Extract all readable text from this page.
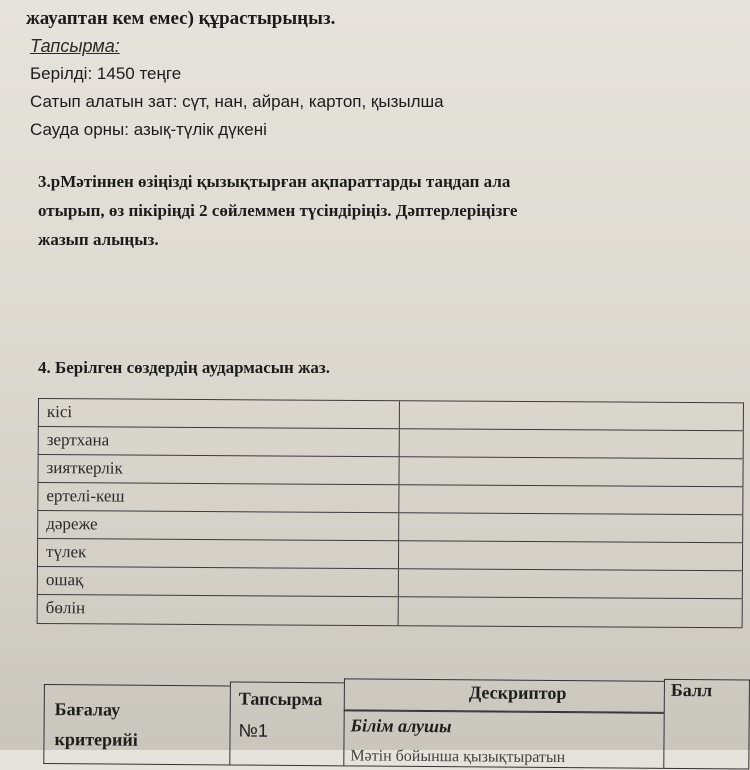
жауаптан кем емес) құрастырыңыз.
Тапсырма:
Берілді: 1450 теңге
Сатып алатын зат: сүт, нан, айран, картоп, қызылша
Сауда орны: азық-түлік дүкені
3.рМәтіннен өзіңізді қызықтырған ақпараттарды таңдап ала
отырып, өз пікіріңді 2 сөйлеммен түсіндіріңіз. Дәптерлеріңізге
жазып алыңыз.
4. Берілген сөздердің аудармасын жаз.
кісі
зертхана
зияткерлік
ертелі-кеш
дәреже
түлек
ошақ
бөлін
Бағалау
критерийі
Тапсырма
№1
Дескриптор
Білім алушы
Мәтін бойынша қызықтыратын
Балл
